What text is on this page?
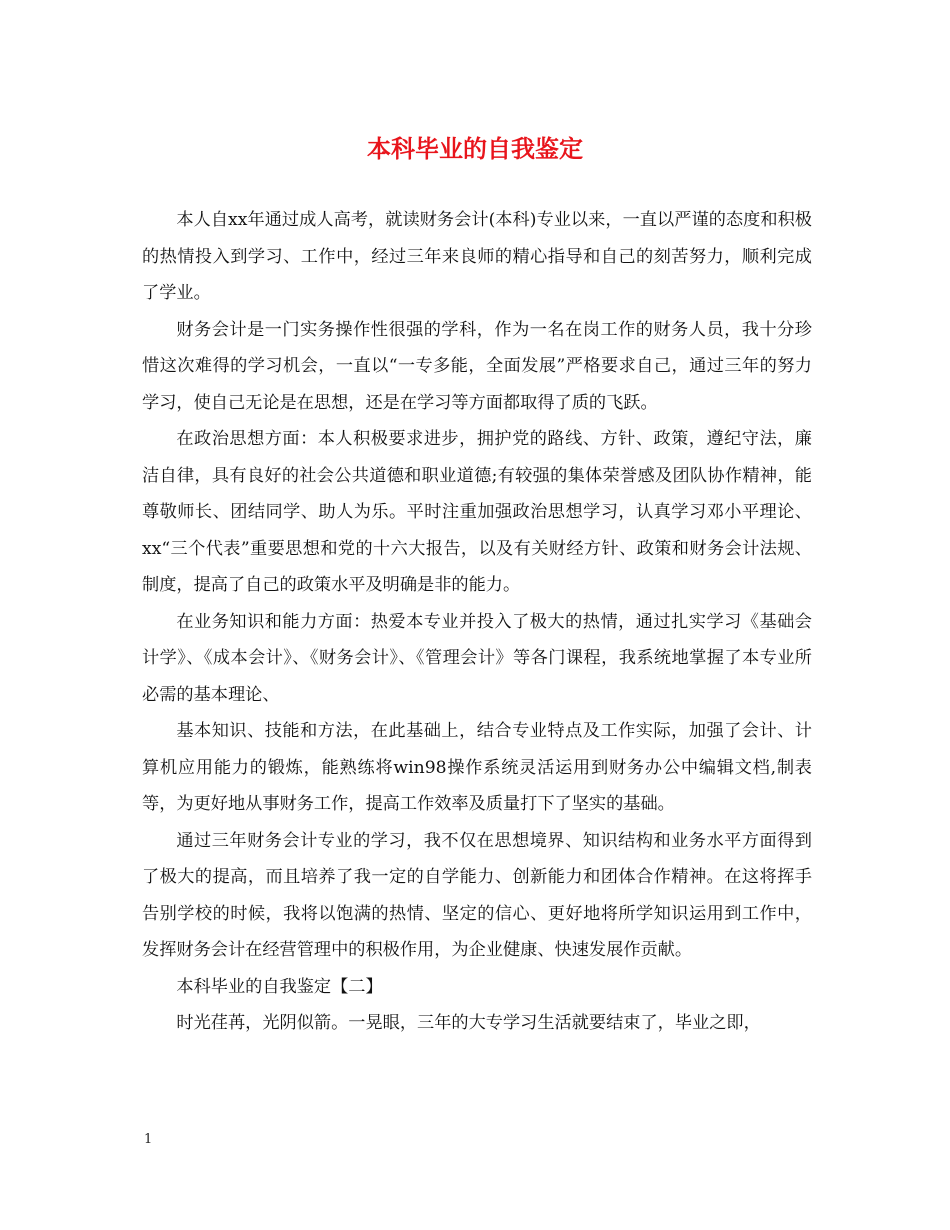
本科毕业的自我鉴定

本人自xx年通过成人高考，就读财务会计(本科)专业以来，一直以严谨的态度和积极的热情投入到学习、工作中，经过三年来良师的精心指导和自己的刻苦努力，顺利完成了学业。

财务会计是一门实务操作性很强的学科，作为一名在岗工作的财务人员，我十分珍惜这次难得的学习机会，一直以“一专多能，全面发展”严格要求自己，通过三年的努力学习，使自己无论是在思想，还是在学习等方面都取得了质的飞跃。

在政治思想方面：本人积极要求进步，拥护党的路线、方针、政策，遵纪守法，廉洁自律，具有良好的社会公共道德和职业道德;有较强的集体荣誉感及团队协作精神，能尊敬师长、团结同学、助人为乐。平时注重加强政治思想学习，认真学习邓小平理论、xx“三个代表”重要思想和党的十六大报告，以及有关财经方针、政策和财务会计法规、制度，提高了自己的政策水平及明确是非的能力。

在业务知识和能力方面：热爱本专业并投入了极大的热情，通过扎实学习《基础会计学》、《成本会计》、《财务会计》、《管理会计》等各门课程，我系统地掌握了本专业所必需的基本理论、

基本知识、技能和方法，在此基础上，结合专业特点及工作实际，加强了会计、计算机应用能力的锻炼，能熟练将win98操作系统灵活运用到财务办公中编辑文档,制表等，为更好地从事财务工作，提高工作效率及质量打下了坚实的基础。

通过三年财务会计专业的学习，我不仅在思想境界、知识结构和业务水平方面得到了极大的提高，而且培养了我一定的自学能力、创新能力和团体合作精神。在这将挥手告别学校的时候，我将以饱满的热情、坚定的信心、更好地将所学知识运用到工作中，发挥财务会计在经营管理中的积极作用，为企业健康、快速发展作贡献。

本科毕业的自我鉴定【二】

时光荏苒，光阴似箭。一晃眼，三年的大专学习生活就要结束了，毕业之即，

1
